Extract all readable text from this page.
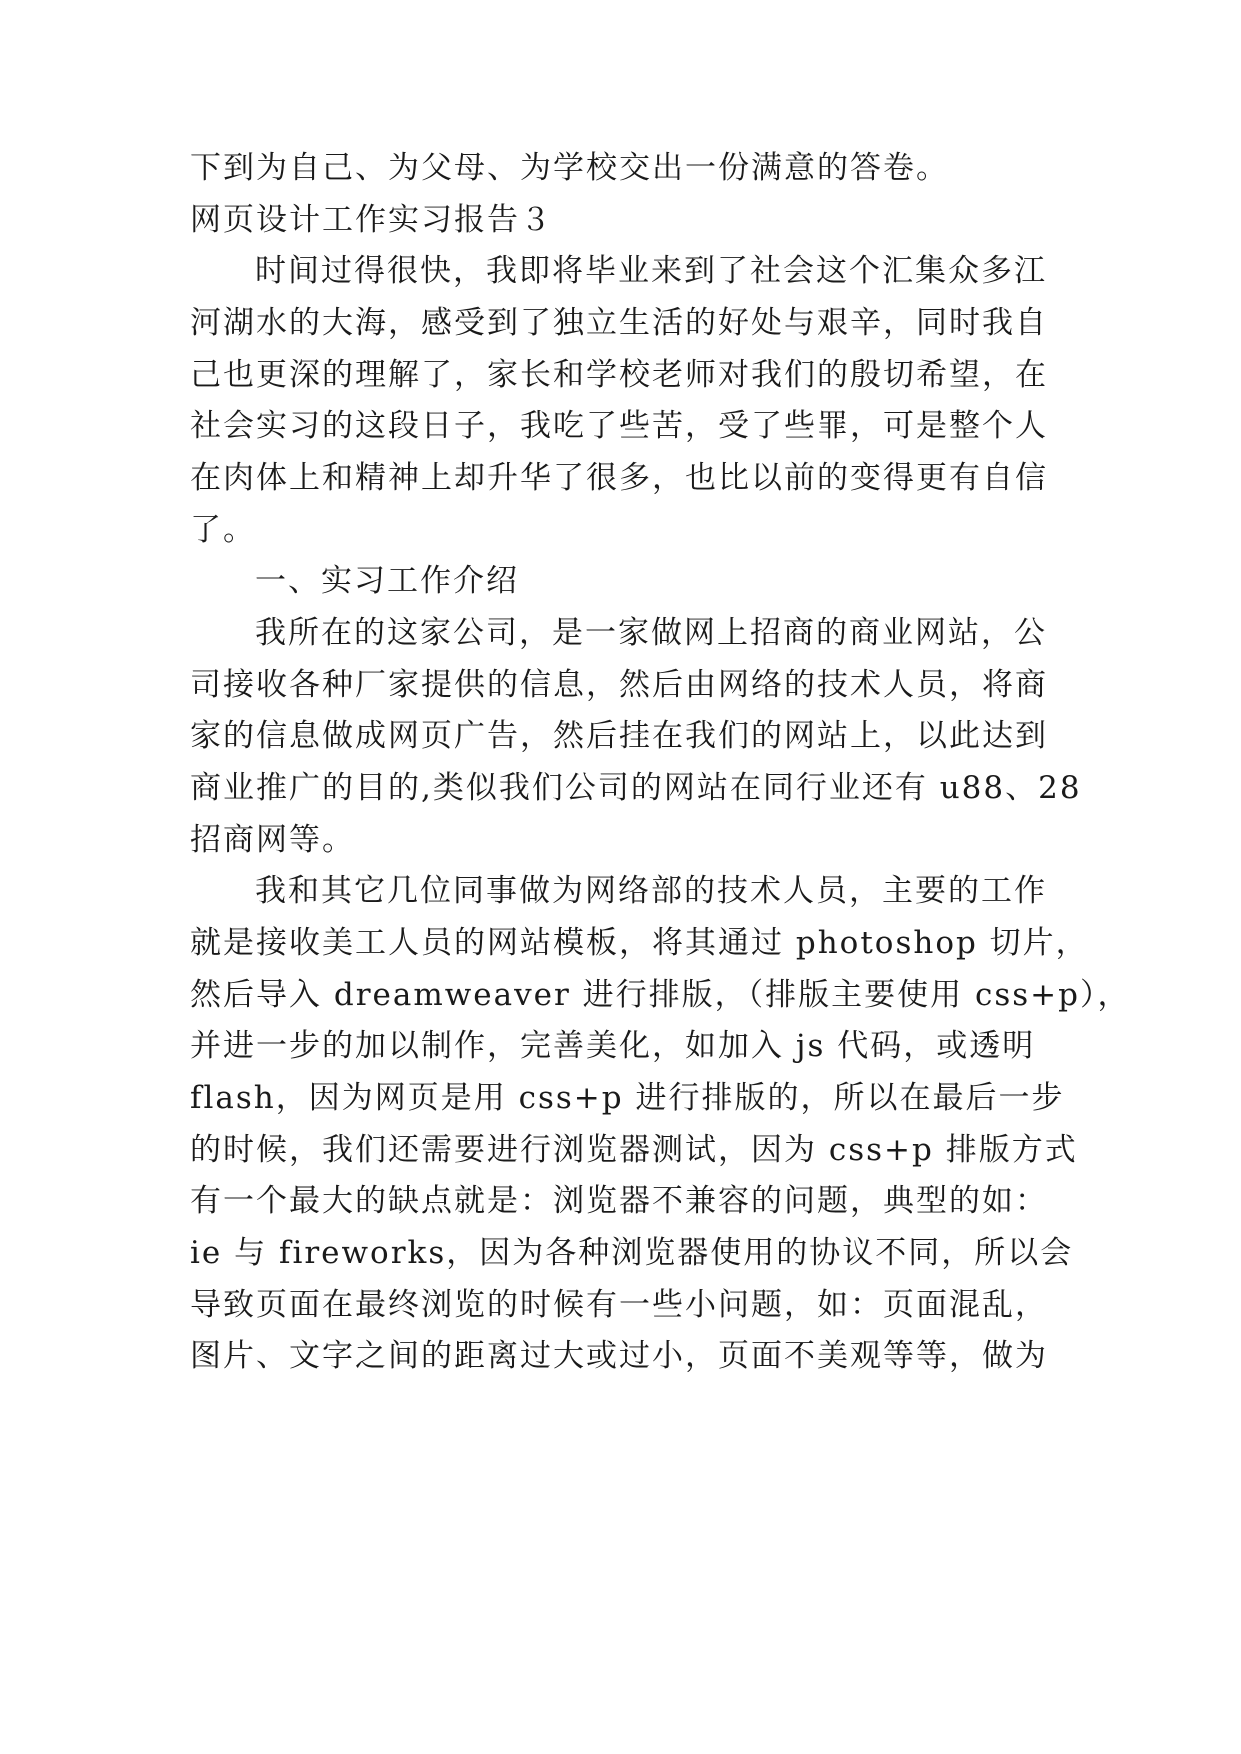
下到为自己、为父母、为学校交出一份满意的答卷。
网页设计工作实习报告３
时间过得很快，我即将毕业来到了社会这个汇集众多江
河湖水的大海，感受到了独立生活的好处与艰辛，同时我自
己也更深的理解了，家长和学校老师对我们的殷切希望，在
社会实习的这段日子，我吃了些苦，受了些罪，可是整个人
在肉体上和精神上却升华了很多，也比以前的变得更有自信
了。
一、实习工作介绍
我所在的这家公司，是一家做网上招商的商业网站，公
司接收各种厂家提供的信息，然后由网络的技术人员，将商
家的信息做成网页广告，然后挂在我们的网站上，以此达到
商业推广的目的,类似我们公司的网站在同行业还有 u88、28
招商网等。
我和其它几位同事做为网络部的技术人员，主要的工作
就是接收美工人员的网站模板，将其通过 photoshop 切片，
然后导入 dreamweaver 进行排版，（排版主要使用 css+p），
并进一步的加以制作，完善美化，如加入 js 代码，或透明
flash，因为网页是用 css+p 进行排版的，所以在最后一步
的时候，我们还需要进行浏览器测试，因为 css+p 排版方式
有一个最大的缺点就是：浏览器不兼容的问题，典型的如：
ie 与 fireworks，因为各种浏览器使用的协议不同，所以会
导致页面在最终浏览的时候有一些小问题，如：页面混乱，
图片、文字之间的距离过大或过小，页面不美观等等，做为
